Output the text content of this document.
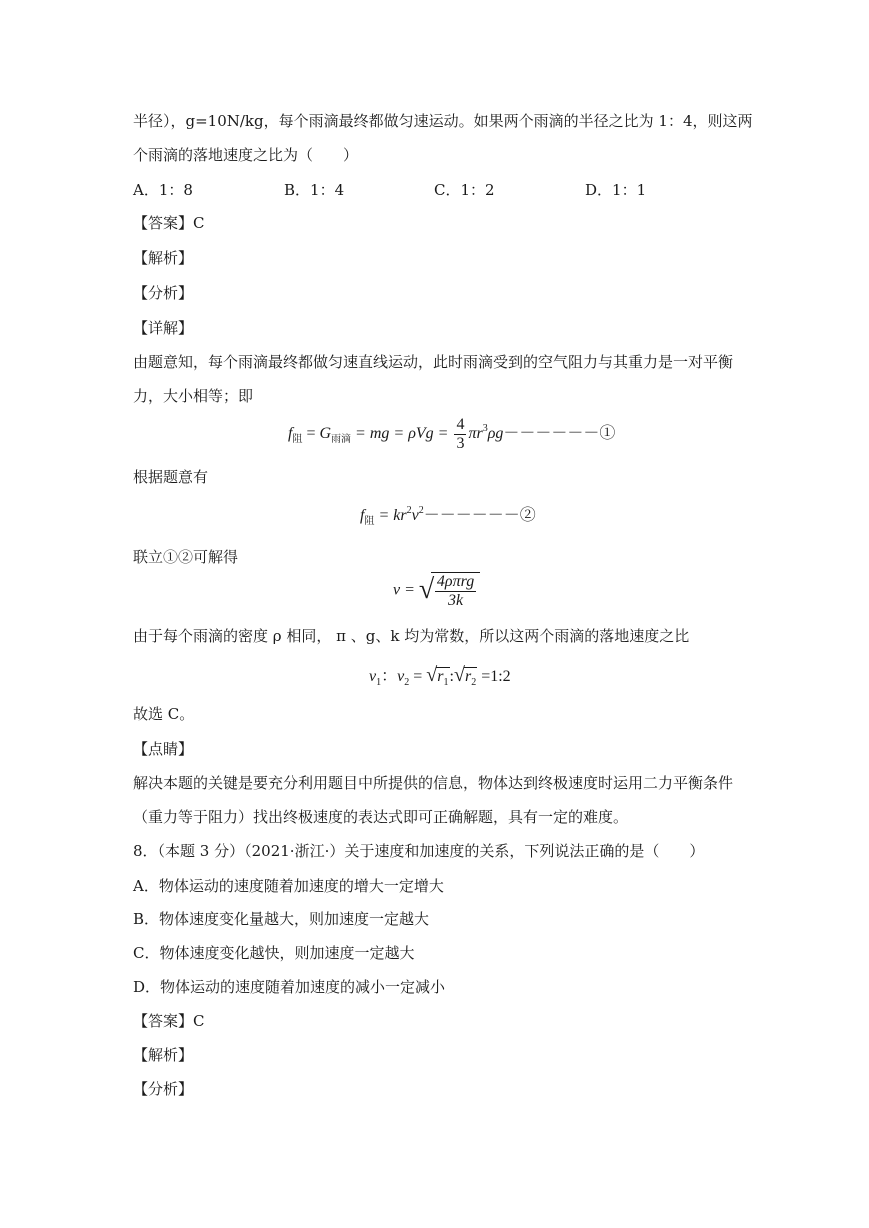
半径），g=10N/kg，每个雨滴最终都做匀速运动。如果两个雨滴的半径之比为 1：4，则这两
个雨滴的落地速度之比为（　　）
A．1：8	B．1：4	C．1：2	D．1：1
【答案】C
【解析】
【分析】
【详解】
由题意知，每个雨滴最终都做匀速直线运动，此时雨滴受到的空气阻力与其重力是一对平衡
力，大小相等；即
$f_阻 = G_{雨滴}$ = mg = $\rho Vg = \frac{4}{3}$ $\pi r^3\rho g------①$
根据题意有
$f_阻$ = $kr^2v^2------②$
联立①②可解得
v = √ $\frac{\text{4ρπrg}}{3k}$
由于每个雨滴的密度 ρ 相同， π 、g、k 均为常数，所以这两个雨滴的落地速度之比
$v_1$：$v_2$ = √ $r_1$: √ $r_2$ =1:2
故选 C。
【点睛】
解决本题的关键是要充分利用题目中所提供的信息，物体达到终极速度时运用二力平衡条件
（重力等于阻力）找出终极速度的表达式即可正确解题，具有一定的难度。
8．（本题 3 分）（2021·浙江·）关于速度和加速度的关系，下列说法正确的是（　　）
A．物体运动的速度随着加速度的增大一定增大
B．物体速度变化量越大，则加速度一定越大
C．物体速度变化越快，则加速度一定越大
D．物体运动的速度随着加速度的减小一定减小
【答案】C
【解析】
【分析】
